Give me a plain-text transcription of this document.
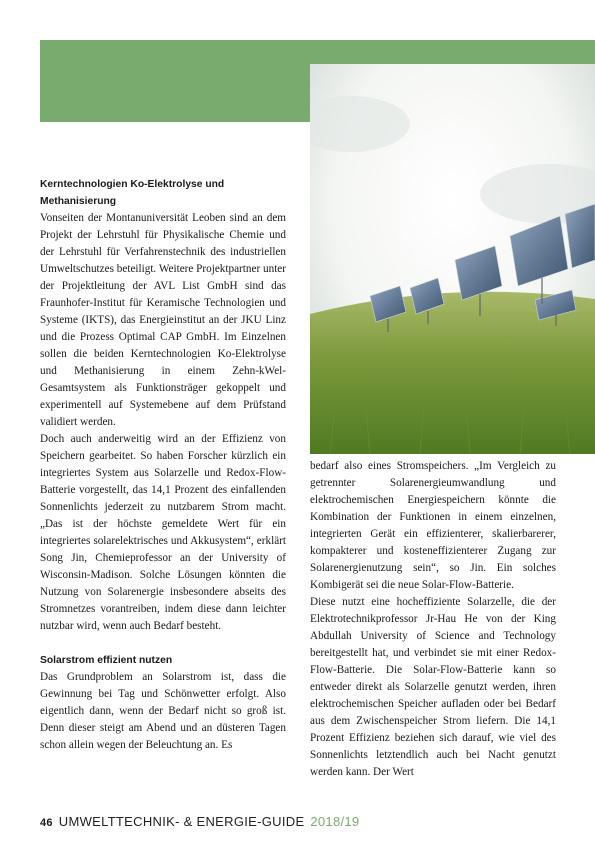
Kerntechnologien Ko-Elektrolyse und Methanisierung

Vonseiten der Montanuniversität Leoben sind an dem Projekt der Lehrstuhl für Physikalische Chemie und der Lehrstuhl für Verfahrenstechnik des industriellen Umweltschutzes beteiligt. Weitere Projektpartner unter der Projektleitung der AVL List GmbH sind das Fraunhofer-Institut für Keramische Technologien und Systeme (IKTS), das Energieinstitut an der JKU Linz und die Prozess Optimal CAP GmbH. Im Einzelnen sollen die beiden Kerntechnologien Ko-Elektrolyse und Methanisierung in einem Zehn-kWel-Gesamtsystem als Funktionsträger gekoppelt und experimentell auf Systemebene auf dem Prüfstand validiert werden.

Doch auch anderweitig wird an der Effizienz von Speichern gearbeitet. So haben Forscher kürzlich ein integriertes System aus Solarzelle und Redox-Flow-Batterie vorgestellt, das 14,1 Prozent des einfallenden Sonnenlichts jederzeit zu nutzbarem Strom macht. „Das ist der höchste gemeldete Wert für ein integriertes solarelektrisches und Akkusystem“, erklärt Song Jin, Chemieprofessor an der University of Wisconsin-Madison. Solche Lösungen könnten die Nutzung von Solarenergie insbesondere abseits des Stromnetzes vorantreiben, indem diese dann leichter nutzbar wird, wenn auch Bedarf besteht.

Solarstrom effizient nutzen

Das Grundproblem an Solarstrom ist, dass die Gewinnung bei Tag und Schönwetter erfolgt. Also eigentlich dann, wenn der Bedarf nicht so groß ist. Denn dieser steigt am Abend und an düsteren Tagen schon allein wegen der Beleuchtung an. Es

bedarf also eines Stromspeichers. „Im Vergleich zu getrennter Solarenergieumwandlung und elektrochemischen Energiespeichern könnte die Kombination der Funktionen in einem einzelnen, integrierten Gerät ein effizienterer, skalierbarerer, kompakterer und kosteneffizienterer Zugang zur Solarenergienutzung sein“, so Jin. Ein solches Kombigerät sei die neue Solar-Flow-Batterie.

Diese nutzt eine hocheffiziente Solarzelle, die der Elektrotechnikprofessor Jr-Hau He von der King Abdullah University of Science and Technology bereitgestellt hat, und verbindet sie mit einer Redox-Flow-Batterie. Die Solar-Flow-Batterie kann so entweder direkt als Solarzelle genutzt werden, ihren elektrochemischen Speicher aufladen oder bei Bedarf aus dem Zwischenspeicher Strom liefern. Die 14,1 Prozent Effizienz beziehen sich darauf, wie viel des Sonnenlichts letztendlich auch bei Nacht genutzt werden kann. Der Wert

46 UMWELTTECHNIK- & ENERGIE-GUIDE 2018/19
